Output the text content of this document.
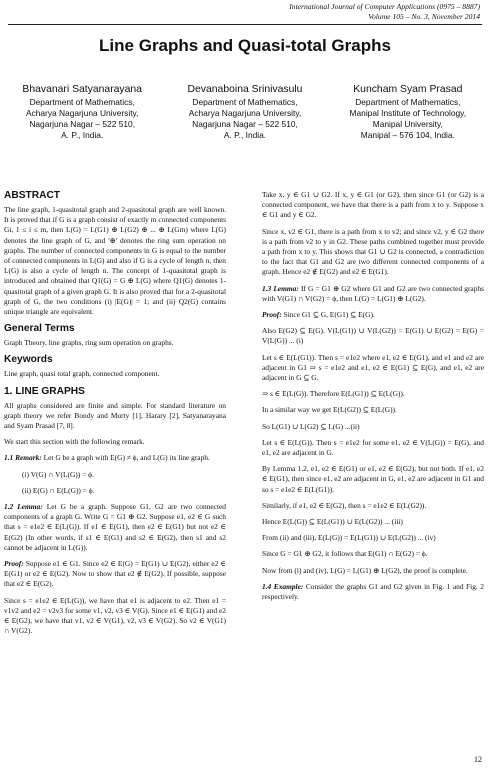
International Journal of Computer Applications (0975 – 8887)
Volume 105 – No. 3, November 2014
Line Graphs and Quasi-total Graphs
Bhavanari Satyanarayana
Department of Mathematics,
Acharya Nagarjuna University,
Nagarjuna Nagar – 522 510,
A. P., India.
Devanaboina Srinivasulu
Department of Mathematics,
Acharya Nagarjuna University,
Nagarjuna Nagar – 522 510,
A. P., India.
Kuncham Syam Prasad
Department of Mathematics,
Manipal Institute of Technology,
Manipal University,
Manipal – 576 104, India.
ABSTRACT

The line graph, 1-quasitotal graph and 2-quasitotal graph are well known. It is proved that if G is a graph consist of exactly m connected components Gi, 1 ≤ i ≤ m, then L(G) = L(G1) ⊕ L(G2) ⊕ ... ⊕ L(Gm) where L(G) denotes the line graph of G, and '⊕' denotes the ring sum operation on graphs. The number of connected components in G is equal to the number of connected components in L(G) and also if G is a cycle of length n, then L(G) is also a cycle of length n. The concept of 1-quasitotal graph is introduced and obtained that Q1(G) = G ⊕ L(G) where Q1(G) denotes 1-quasitotal graph of a given graph G. It is also proved that for a 2-quasitotal graph of G, the two conditions (i) |E(G)| = 1; and (ii) Q2(G) contains unique triangle are equivalent.

General Terms

Graph Theory, line graphs, ring sum operation on graphs.

Keywords

Line graph, quasi total graph, connected component.

1. LINE GRAPHS

All graphs considered are finite and simple. For standard literature on graph theory we refer Bondy and Murty [1], Harary [2], Satyanarayana and Syam Prasad [7, 8].

We start this section with the following remark.

1.1 Remark: Let G be a graph with E(G) ≠ ϕ, and L(G) its line graph.

(i) V(G) ∩ V(L(G)) = ϕ.

(ii) E(G) ∩ E(L(G)) = ϕ.

1.2 Lemma: Let G be a graph. Suppose G1, G2 are two connected components of a graph G. Write G = G1 ⊕ G2. Suppose e1, e2 ∈ G such that s = e1e2 ∈ E(L(G)). If e1 ∈ E(G1), then e2 ∈ E(G1) but not e2 ∈ E(G2) (In other words, if s1 ∈ E(G1) and s2 ∈ E(G2), then s1 and s2 cannot be adjacent in L(G)).

Proof: Suppose e1 ∈ G1. Since e2 ∈ E(G) = E(G1) ∪ E(G2), either e2 ∈ E(G1) or e2 ∈ E(G2). Now to show that e2 ∉ E(G2). If possible, suppose that e2 ∈ E(G2).

Since s = e1e2 ∈ E(L(G)), we have that e1 is adjacent to e2. Then e1 = v1v2 and e2 = v2v3 for some v1, v2, v3 ∈ V(G). Since e1 ∈ E(G1) and e2 ∈ E(G2), we have that v1, v2 ∈ V(G1), v2, v3 ∈ V(G2). So v2 ∈ V(G1) ∩ V(G2).

Take x, y ∈ G1 ∪ G2. If x, y ∈ G1 (or G2), then since G1 (or G2) is a connected component, we have that there is a path from x to y. Suppose x ∈ G1 and y ∈ G2.

Since x, v2 ∈ G1, there is a path from x to v2; and since v2, y ∈ G2 there is a path from v2 to y in G2. These paths combined together must provide a path from x to y. This shows that G1 ∪ G2 is connected, a contradiction to the fact that G1 and G2 are two different connected components of a graph. Hence e2 ∉ E(G2) and e2 ∈ E(G1).

1.3 Lemma: If G = G1 ⊕ G2 where G1 and G2 are two connected graphs with V(G1) ∩ V(G2) = ϕ, then L(G) = L(G1) ⊕ L(G2).

Proof: Since G1 ⊆ G, E(G1) ⊆ E(G).

Also E(G2) ⊆ E(G). V(L(G1)) ∪ V(L(G2)) = E(G1) ∪ E(G2) = E(G) = V(L(G)) ... (i)

Let s ∈ E(L(G1)). Then s = e1e2 where e1, e2 ∈ E(G1), and e1 and e2 are adjacent in G1 ⇒ s = e1e2 and e1, e2 ∈ E(G1) ⊆ E(G), and e1, e2 are adjacent in G ⊆ G.

⇒ s ∈ E(L(G)). Therefore E(L(G1)) ⊆ E(L(G)).

In a similar way we get E(L(G2)) ⊆ E(L(G)).

So L(G1) ∪ L(G2) ⊆ L(G) ...(ii)

Let s ∈ E(L(G)). Then s = e1e2 for some e1, e2 ∈ V(L(G)) = E(G), and e1, e2 are adjacent in G.

By Lemma 1.2, e1, e2 ∈ E(G1) or e1, e2 ∈ E(G2), but not both. If e1, e2 ∈ E(G1), then since e1, e2 are adjacent in G, e1, e2 are adjacent in G1 and so s = e1e2 ∈ E(L(G1)).

Similarly, if e1, e2 ∈ E(G2), then s = e1e2 ∈ E(L(G2)).

Hence E(L(G)) ⊆ E(L(G1)) ∪ E(L(G2)) ... (iii)

From (ii) and (iii), E(L(G)) = E(L(G1)) ∪ E(L(G2)) ... (iv)

Since G = G1 ⊕ G2, it follows that E(G1) ∩ E(G2) = ϕ.

Now from (i) and (iv), L(G) = L(G1) ⊕ L(G2), the proof is complete.

1.4 Example: Consider the graphs G1 and G2 given in Fig. 1 and Fig. 2 respectively.

12
